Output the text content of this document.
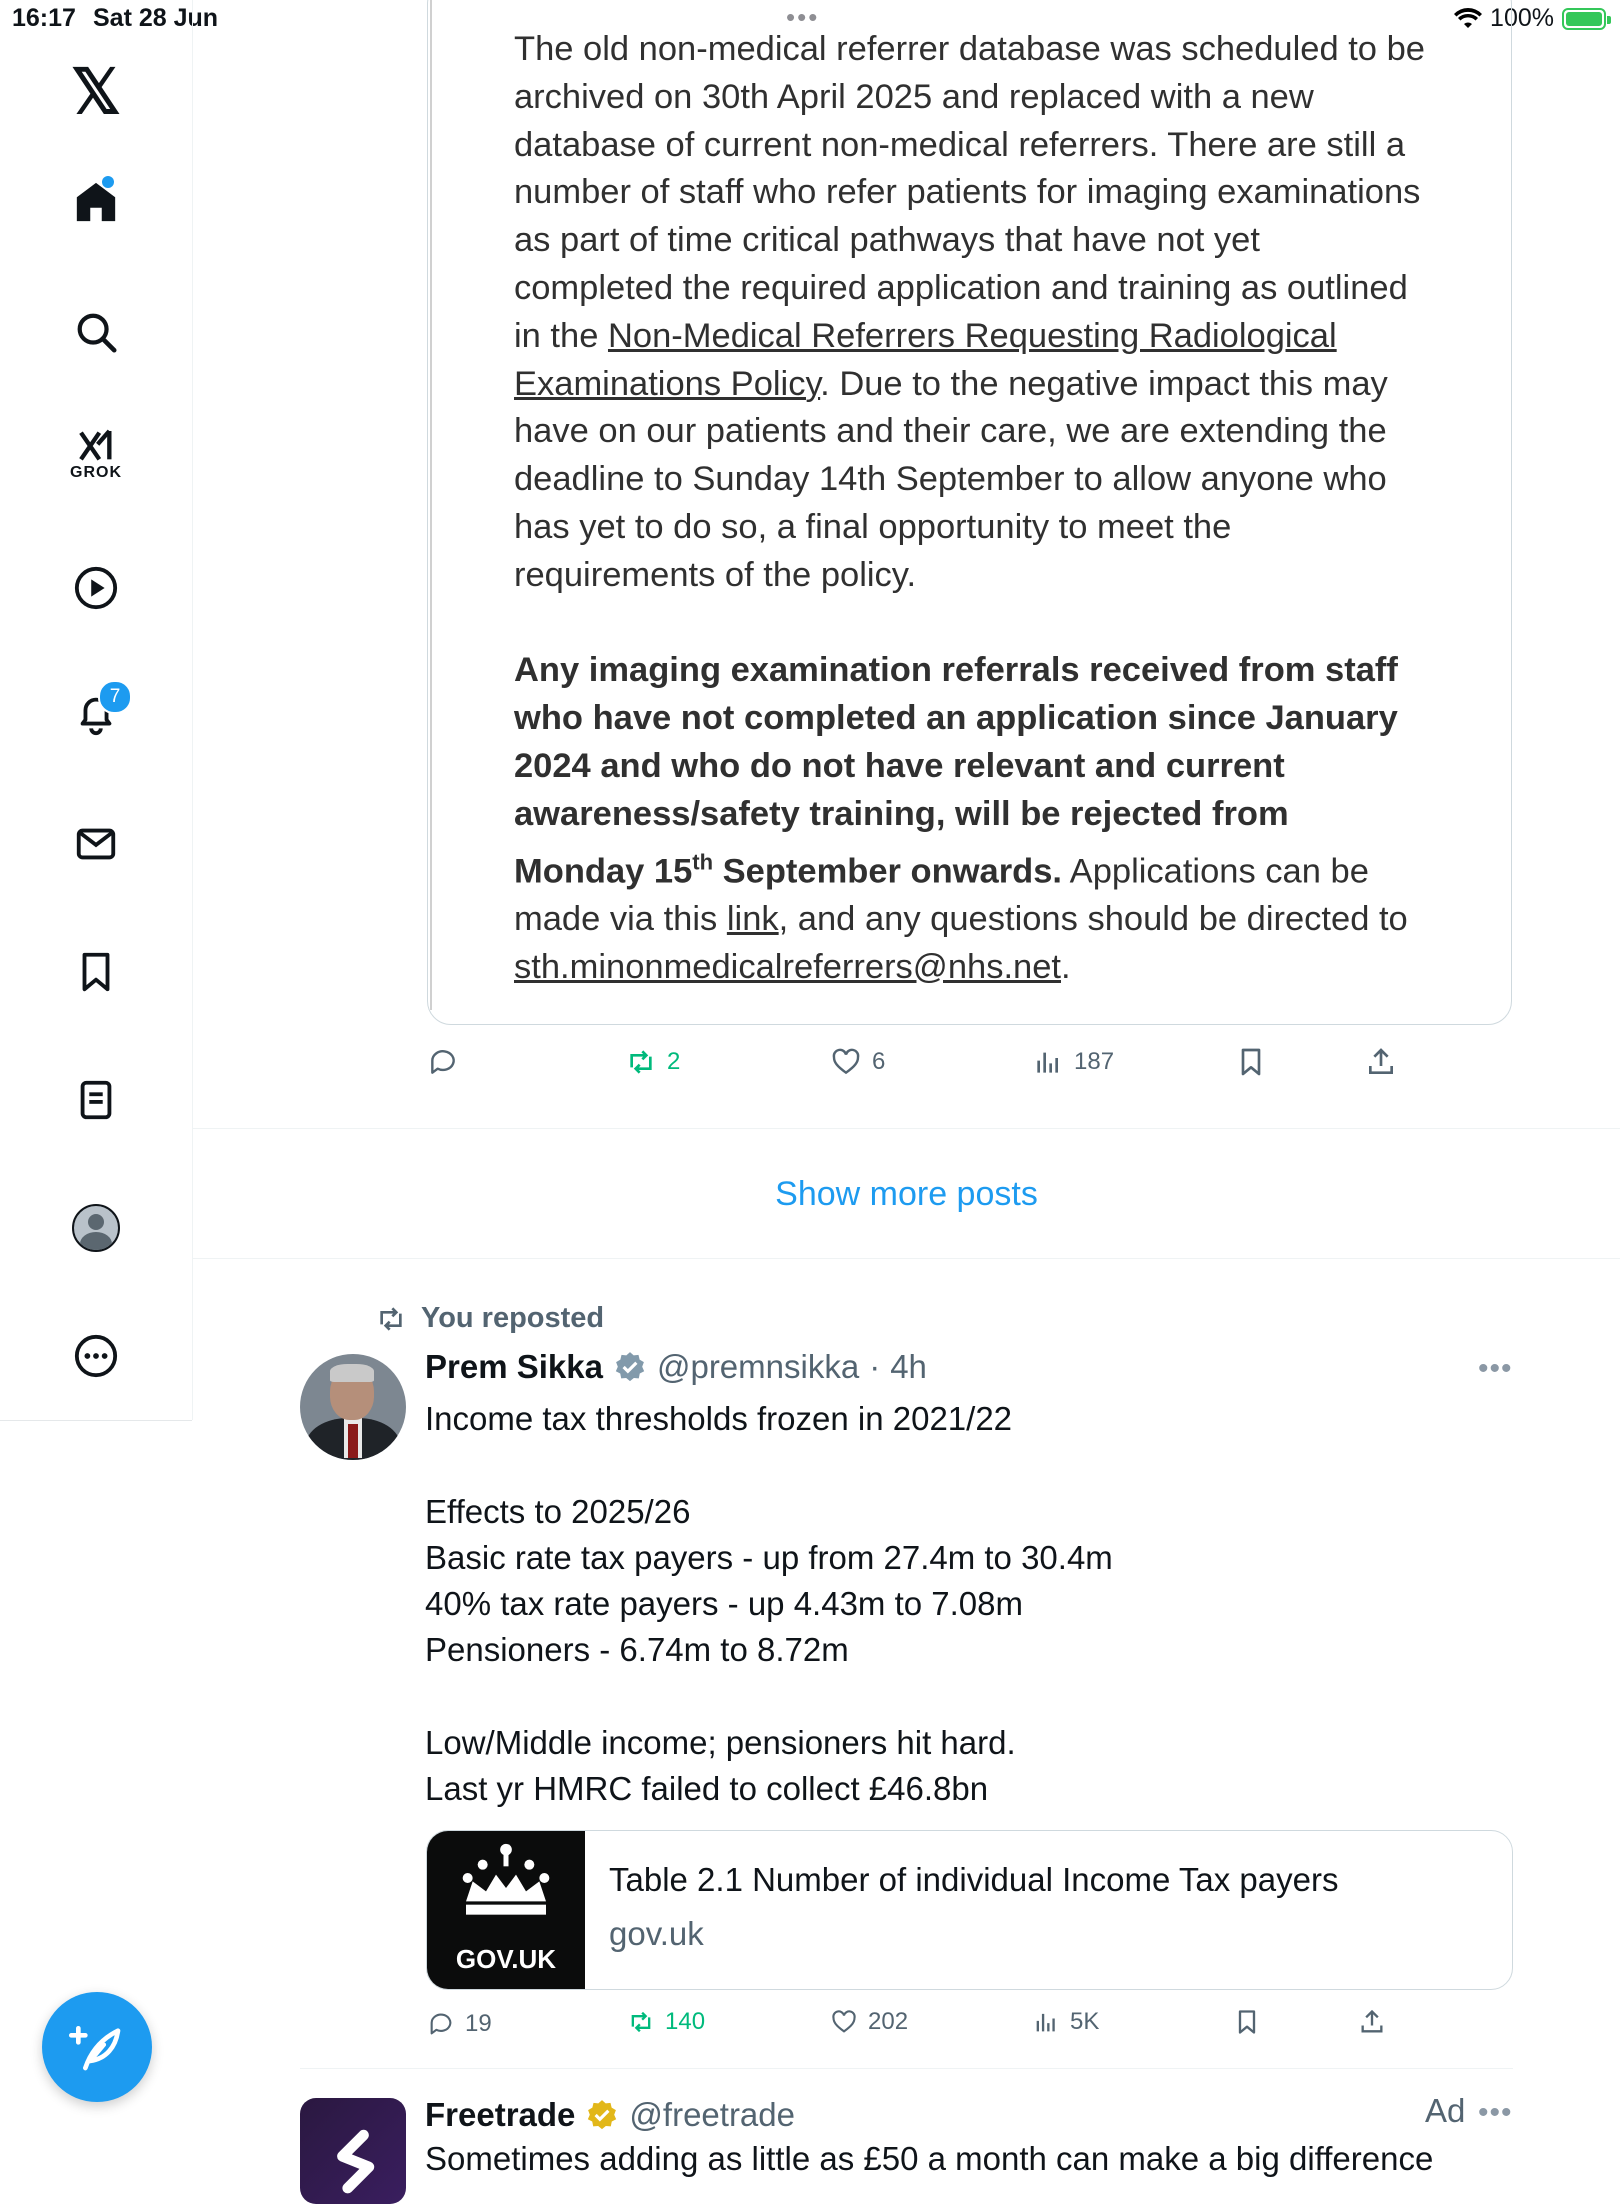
16:17 Sat 28 Jun	•••	100%
𝕏
GROK
7

The old non-medical referrer database was scheduled to be

archived on 30th April 2025 and replaced with a new

database of current non-medical referrers. There are still a

number of staff who refer patients for imaging examinations

as part of time critical pathways that have not yet

completed the required application and training as outlined

in the Non-Medical Referrers Requesting Radiological

Examinations Policy. Due to the negative impact this may

have on our patients and their care, we are extending the

deadline to Sunday 14th September to allow anyone who

has yet to do so, a final opportunity to meet the

requirements of the policy.

Any imaging examination referrals received from staff

who have not completed an application since January

2024 and who do not have relevant and current

awareness/safety training, will be rejected from

Monday 15th September onwards. Applications can be

made via this link, and any questions should be directed to

sth.minonmedicalreferrers@nhs.net.

2	6	187
Show more posts
You reposted
Prem Sikka @premnsikka · 4h	•••

Income tax thresholds frozen in 2021/22

Effects to 2025/26

Basic rate tax payers - up from 27.4m to 30.4m

40% tax rate payers - up 4.43m to 7.08m

Pensioners - 6.74m to 8.72m

Low/Middle income; pensioners hit hard.

Last yr HMRC failed to collect £46.8bn

GOV.UK
Table 2.1 Number of individual Income Tax payers
gov.uk
19	140	202	5K
Freetrade @freetrade	Ad •••
Sometimes adding as little as £50 a month can make a big difference
